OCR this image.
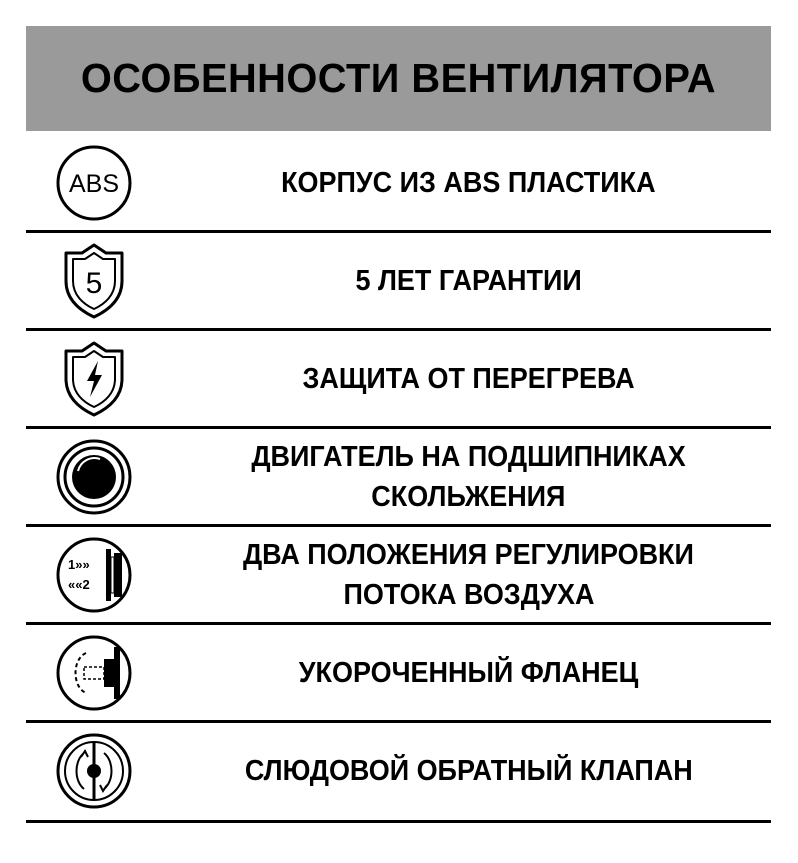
ОСОБЕННОСТИ ВЕНТИЛЯТОРА
ABS	КОРПУС ИЗ ABS ПЛАСТИКА
5	5 ЛЕТ ГАРАНТИИ
ЗАЩИТА ОТ ПЕРЕГРЕВА
ДВИГАТЕЛЬ НА ПОДШИПНИКАХ
СКОЛЬЖЕНИЯ
1»»
««2
ДВА ПОЛОЖЕНИЯ РЕГУЛИРОВКИ
ПОТОКА ВОЗДУХА
УКОРОЧЕННЫЙ ФЛАНЕЦ
СЛЮДОВОЙ ОБРАТНЫЙ КЛАПАН
